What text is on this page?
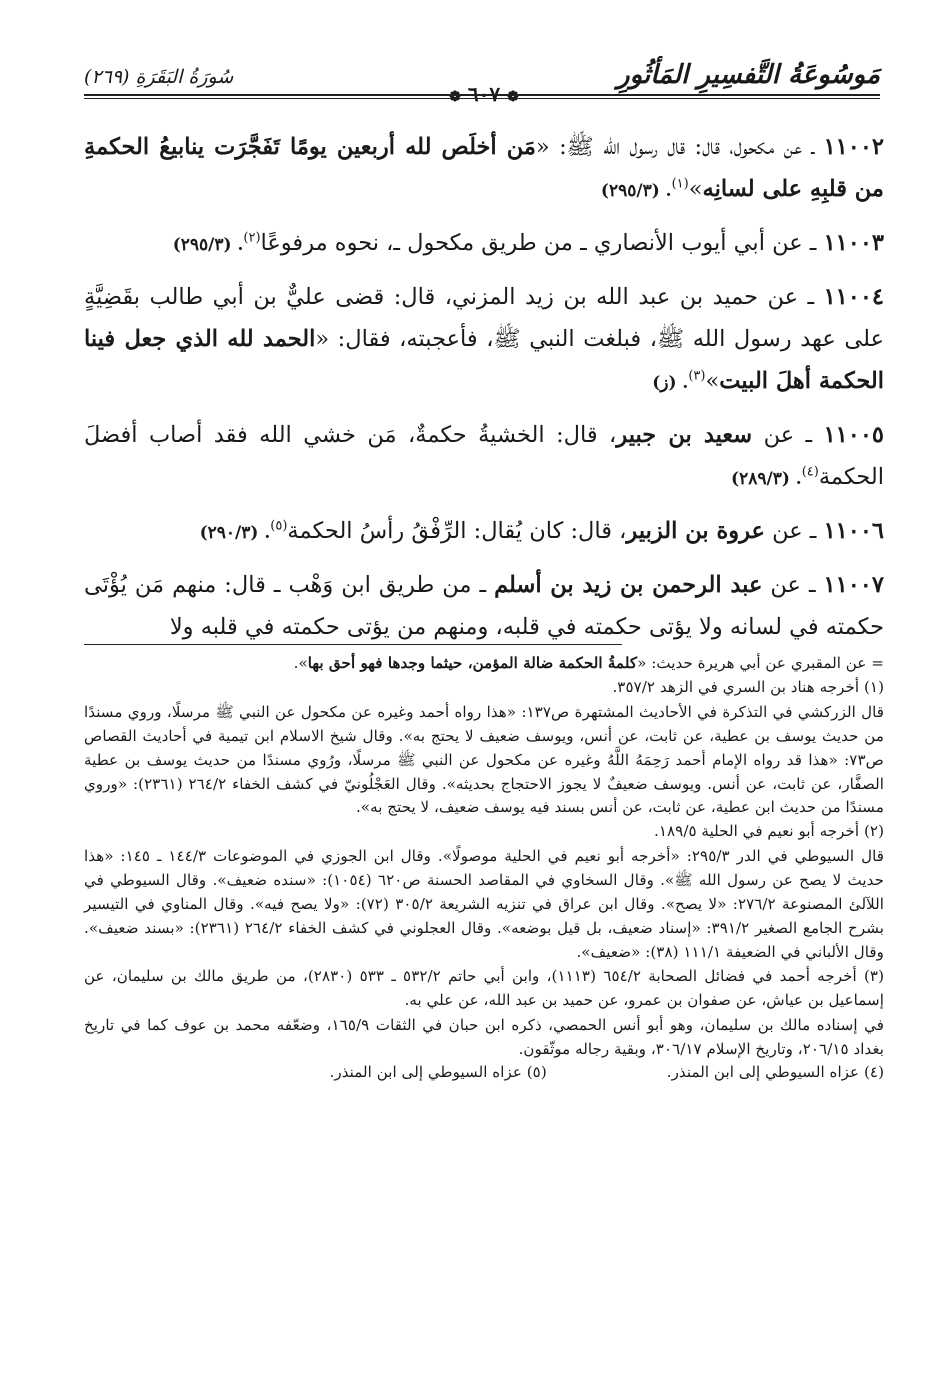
مَوسُوعَةُ التَّفسِيرِ المَأثُورِ
❁ ٦٠٧ ❁
سُورَةُ البَقَرَةِ (٢٦٩)

١١٠٠٢ ـ عن مكحول، قال: قال رسول الله ﷺ: «مَن أخلَص لله أربعين يومًا تَفَجَّرَت ينابيعُ الحكمةِ من قلبِهِ على لسانِه»$^{(١)}$. (٣/‏٢٩٥)

١١٠٠٣ ـ عن أبي أيوب الأنصاري ـ من طريق مكحول ـ، نحوه مرفوعًا$^{(٢)}$. (٣/‏٢٩٥)

١١٠٠٤ ـ عن حميد بن عبد الله بن زيد المزني، قال: قضى عليٌّ بن أبي طالب بقَضِيَّةٍ على عهد رسول الله ﷺ، فبلغت النبي ﷺ، فأعجبته، فقال: «الحمد لله الذي جعل فينا الحكمة أهلَ البيت»$^{(٣)}$. (ز)

١١٠٠٥ ـ عن سعيد بن جبير، قال: الخشيةُ حكمةٌ، مَن خشي الله فقد أصاب أفضلَ الحكمة$^{(٤)}$. (٣/‏٢٨٩)

١١٠٠٦ ـ عن عروة بن الزبير، قال: كان يُقال: الرِّفْقُ رأسُ الحكمة$^{(٥)}$. (٣/‏٢٩٠)

١١٠٠٧ ـ عن عبد الرحمن بن زيد بن أسلم ـ من طريق ابن وَهْب ـ قال: منهم مَن يُؤْتَى حكمته في لسانه ولا يؤتى حكمته في قلبه، ومنهم من يؤتى حكمته في قلبه ولا

= عن المقبري عن أبي هريرة حديث: «كلمةُ الحكمة ضالة المؤمن، حيثما وجدها فهو أحق بها».

(١) أخرجه هناد بن السري في الزهد ٢/‏٣٥٧.

قال الزركشي في التذكرة في الأحاديث المشتهرة ص١٣٧: «هذا رواه أحمد وغيره عن مكحول عن النبي ﷺ مرسلًا، وروي مسندًا من حديث يوسف بن عطية، عن ثابت، عن أنس، ويوسف ضعيف لا يحتج به». وقال شيخ الاسلام ابن تيمية في أحاديث القصاص ص٧٣: «هذا قد رواه الإمام أحمد رَحِمَهُ اللَّهُ وغيره عن مكحول عن النبي ﷺ مرسلًا، ورُوي مسندًا من حديث يوسف بن عطية الصفَّار، عن ثابت، عن أنس. ويوسف ضعيفٌ لا يجوز الاحتجاج بحديثه». وقال العَجْلُونيّ في كشف الخفاء ٢/‏٢٦٤ (٢٣٦١): «وروي مسندًا من حديث ابن عطية، عن ثابت، عن أنس بسند فيه يوسف ضعيف، لا يحتج به».

(٢) أخرجه أبو نعيم في الحلية ٥/‏١٨٩.

قال السيوطي في الدر ٣/‏٢٩٥: «أخرجه أبو نعيم في الحلية موصولًا». وقال ابن الجوزي في الموضوعات ٣/‏١٤٤ ـ ١٤٥: «هذا حديث لا يصح عن رسول الله ﷺ». وقال السخاوي في المقاصد الحسنة ص٦٢٠ (١٠٥٤): «سنده ضعيف». وقال السيوطي في اللآلئ المصنوعة ٢/‏٢٧٦: «لا يصح». وقال ابن عراق في تنزيه الشريعة ٢/‏٣٠٥ (٧٢): «ولا يصح فيه». وقال المناوي في التيسير بشرح الجامع الصغير ٢/‏٣٩١: «إسناد ضعيف، بل قيل بوضعه». وقال العجلوني في كشف الخفاء ٢/‏٢٦٤ (٢٣٦١): «بسند ضعيف». وقال الألباني في الضعيفة ١/‏١١١ (٣٨): «ضعيف».

(٣) أخرجه أحمد في فضائل الصحابة ٢/‏٦٥٤ (١١١٣)، وابن أبي حاتم ٢/‏٥٣٢ ـ ٥٣٣ (٢٨٣٠)، من طريق مالك بن سليمان، عن إسماعيل بن عياش، عن صفوان بن عمرو، عن حميد بن عبد الله، عن علي به.

في إسناده مالك بن سليمان، وهو أبو أنس الحمصي، ذكره ابن حبان في الثقات ٩/‏١٦٥، وضعّفه محمد بن عوف كما في تاريخ بغداد ١٥/‏٢٠٦، وتاريخ الإسلام ١٧/‏٣٠٦، وبقية رجاله موثّقون.

(٤) عزاه السيوطي إلى ابن المنذر.
(٥) عزاه السيوطي إلى ابن المنذر.
